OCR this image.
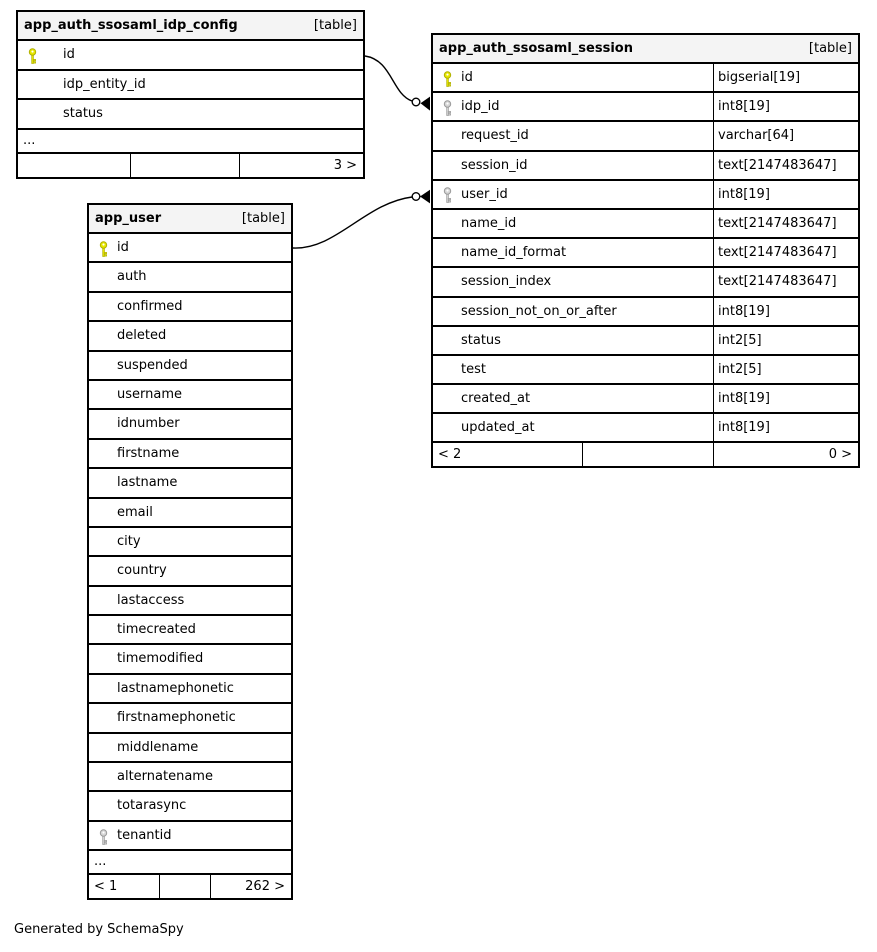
app_auth_ssosaml_idp_config	[table]
id
idp_entity_id
status
...
3 >
app_auth_ssosaml_session	[table]
id	bigserial[19]
idp_id	int8[19]
request_id	varchar[64]
session_id	text[2147483647]
user_id	int8[19]
name_id	text[2147483647]
name_id_format	text[2147483647]
session_index	text[2147483647]
session_not_on_or_after	int8[19]
status	int2[5]
test	int2[5]
created_at	int8[19]
updated_at	int8[19]
< 2	0 >
app_user	[table]
id
auth
confirmed
deleted
suspended
username
idnumber
firstname
lastname
email
city
country
lastaccess
timecreated
timemodified
lastnamephonetic
firstnamephonetic
middlename
alternatename
totarasync
tenantid
...
< 1	262 >
Generated by SchemaSpy
